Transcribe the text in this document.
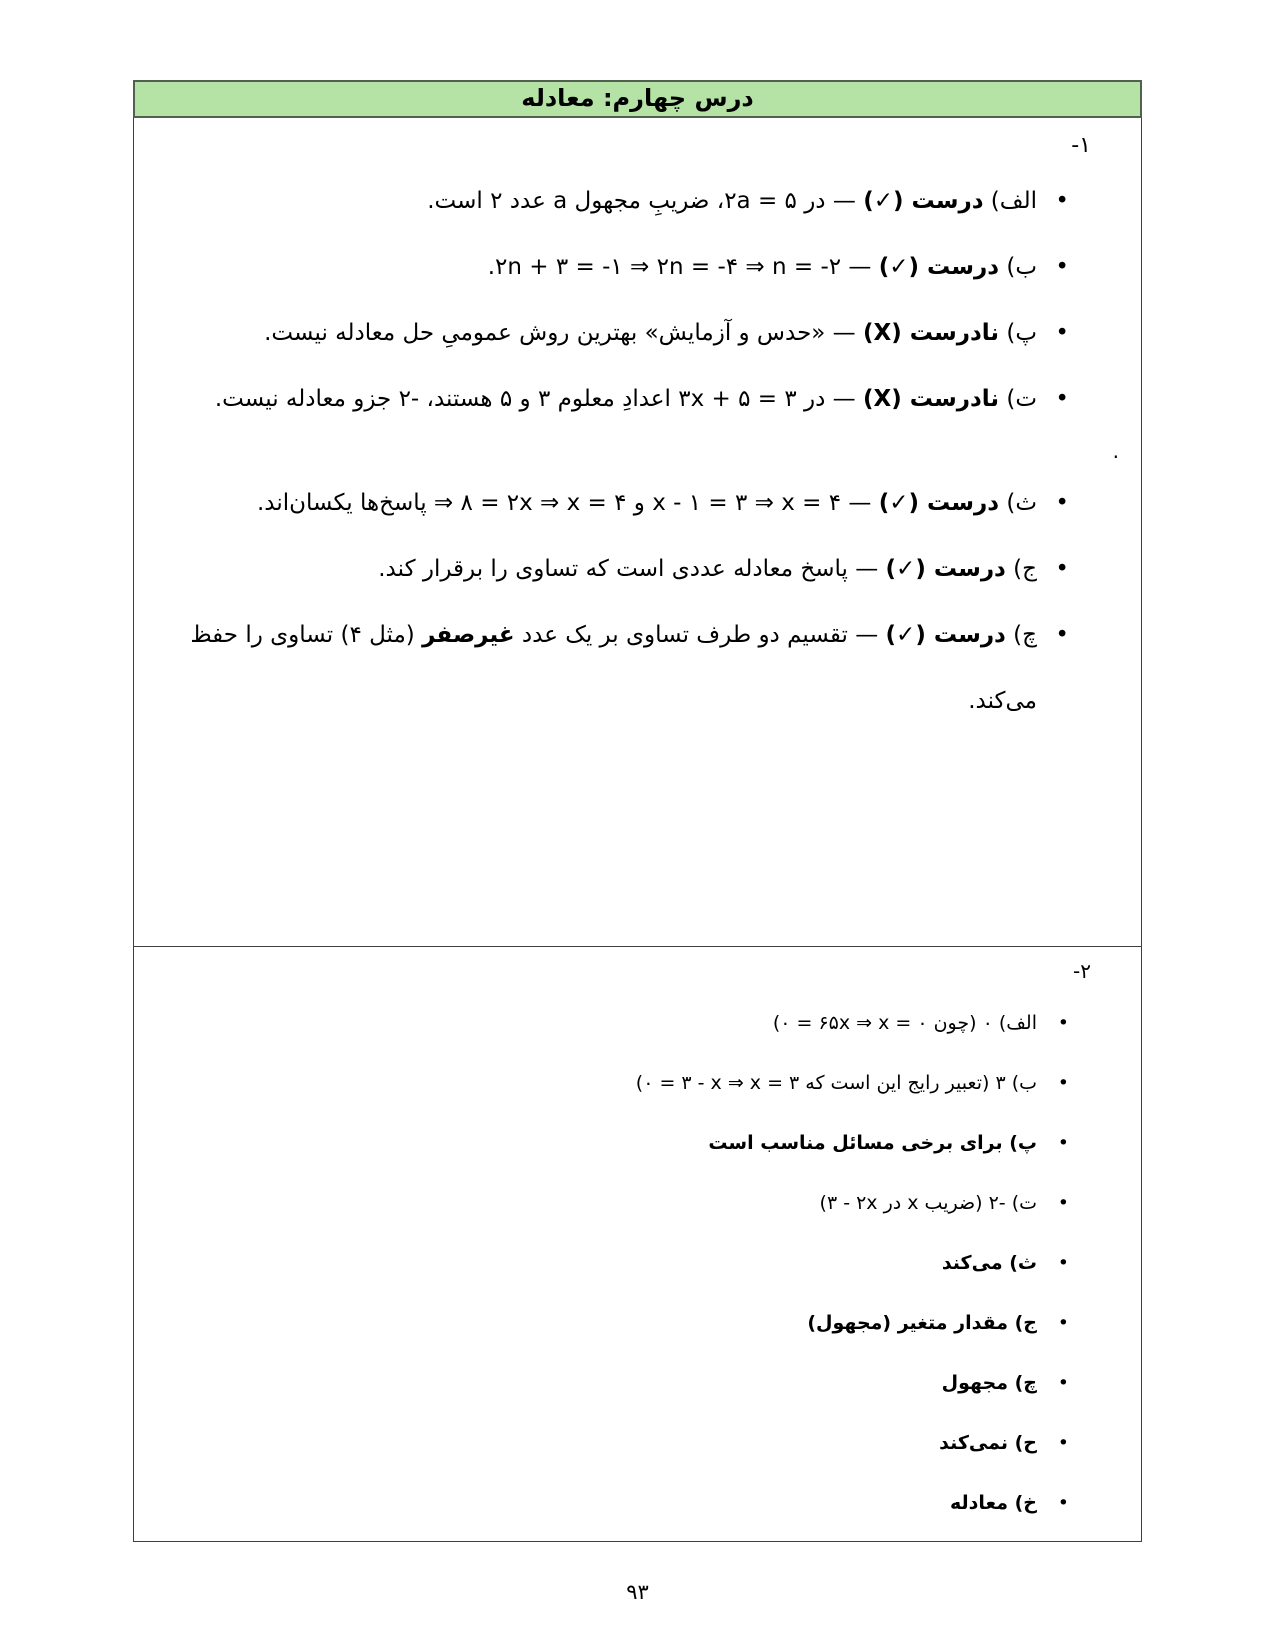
درس چهارم: معادله
۱-
• الف) درست (✓) — در ⁦۲a = ۵⁩، ضریبِ مجهول a عدد ۲ است.
• ب) درست (✓) — ⁦۲n + ۳ = -۱ ⇒ ۲n = -۴ ⇒ n = -۲⁩.
• پ) نادرست (X) — «حدس و آزمایش» بهترین روش عمومیِ حل معادله نیست.
• ت) نادرست (X) — در ⁦۳x + ۵ = ۳⁩ اعدادِ معلوم ۳ و ۵ هستند، -۲ جزو معادله نیست.
.
• ث) درست (✓) — ⁦x - ۱ = ۳ ⇒ x = ۴⁩ و ⁦۸ = ۲x ⇒ x = ۴⁩ ⇒ پاسخ‌ها یکسان‌اند.
• ج) درست (✓) — پاسخ معادله عددی است که تساوی را برقرار کند.
• چ) درست (✓) — تقسیم دو طرف تساوی بر یک عدد غیرصفر (مثل ۴) تساوی را حفظ می‌کند.
۲-
• الف) ۰ (چون ⁦۰ = ۶۵x ⇒ x = ۰⁩)
• ب) ۳ (تعبیر رایج این است که ⁦۰ = ۳ - x ⇒ x = ۳⁩)
• پ) برای برخی مسائل مناسب است
• ت) -۲ (ضریب x در ⁦۳ - ۲x⁩)
• ث) می‌کند
• ج) مقدار متغیر (مجهول)
• چ) مجهول
• ح) نمی‌کند
• خ) معادله
۹۳
